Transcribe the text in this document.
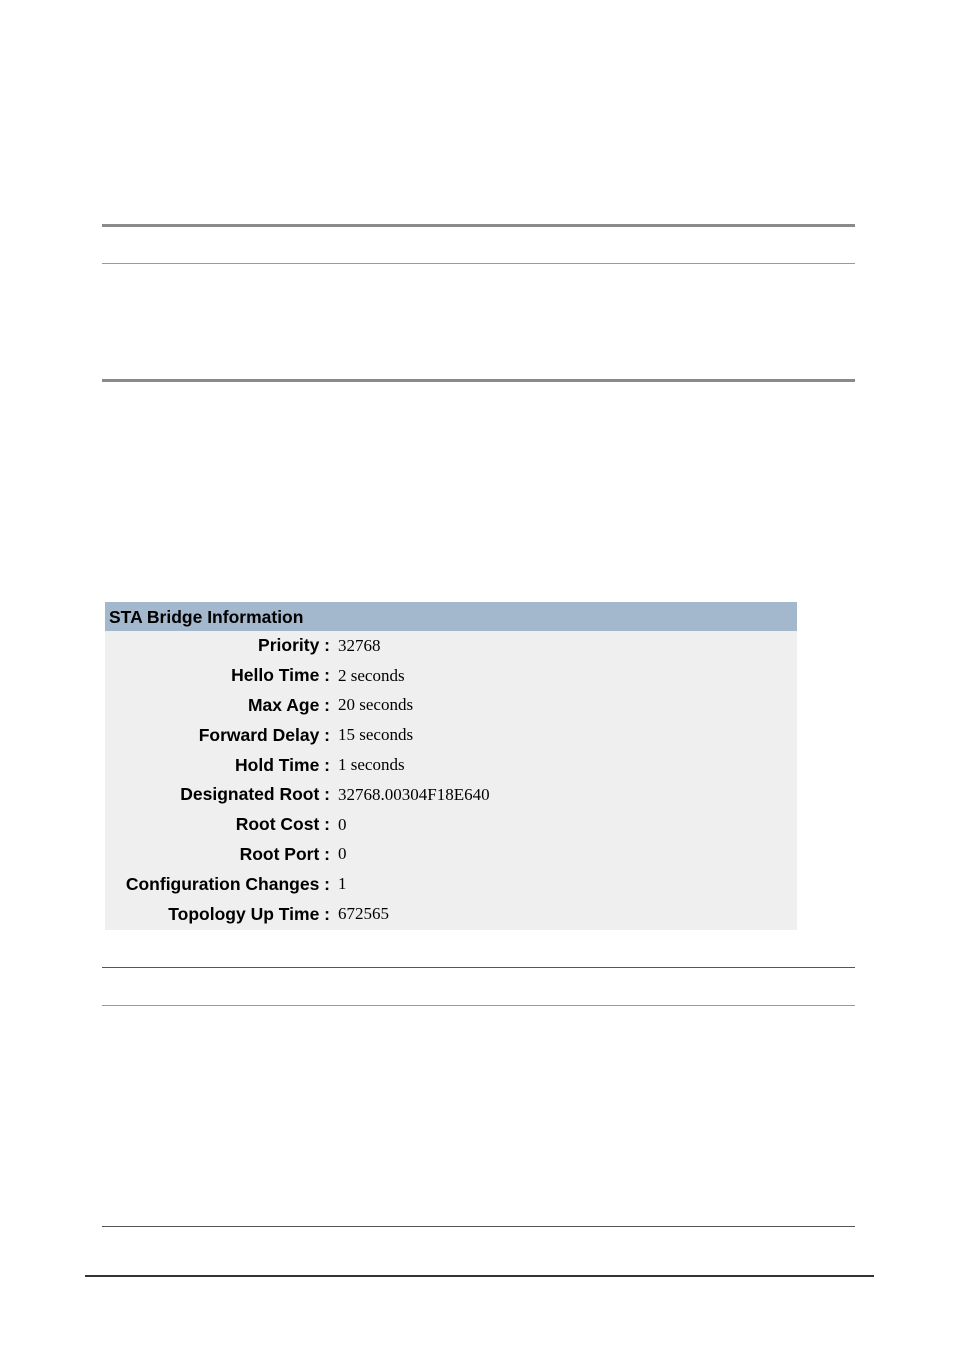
STA Bridge Information
Priority : 32768
Hello Time : 2 seconds
Max Age : 20 seconds
Forward Delay : 15 seconds
Hold Time : 1 seconds
Designated Root : 32768.00304F18E640
Root Cost : 0
Root Port : 0
Configuration Changes : 1
Topology Up Time : 672565
